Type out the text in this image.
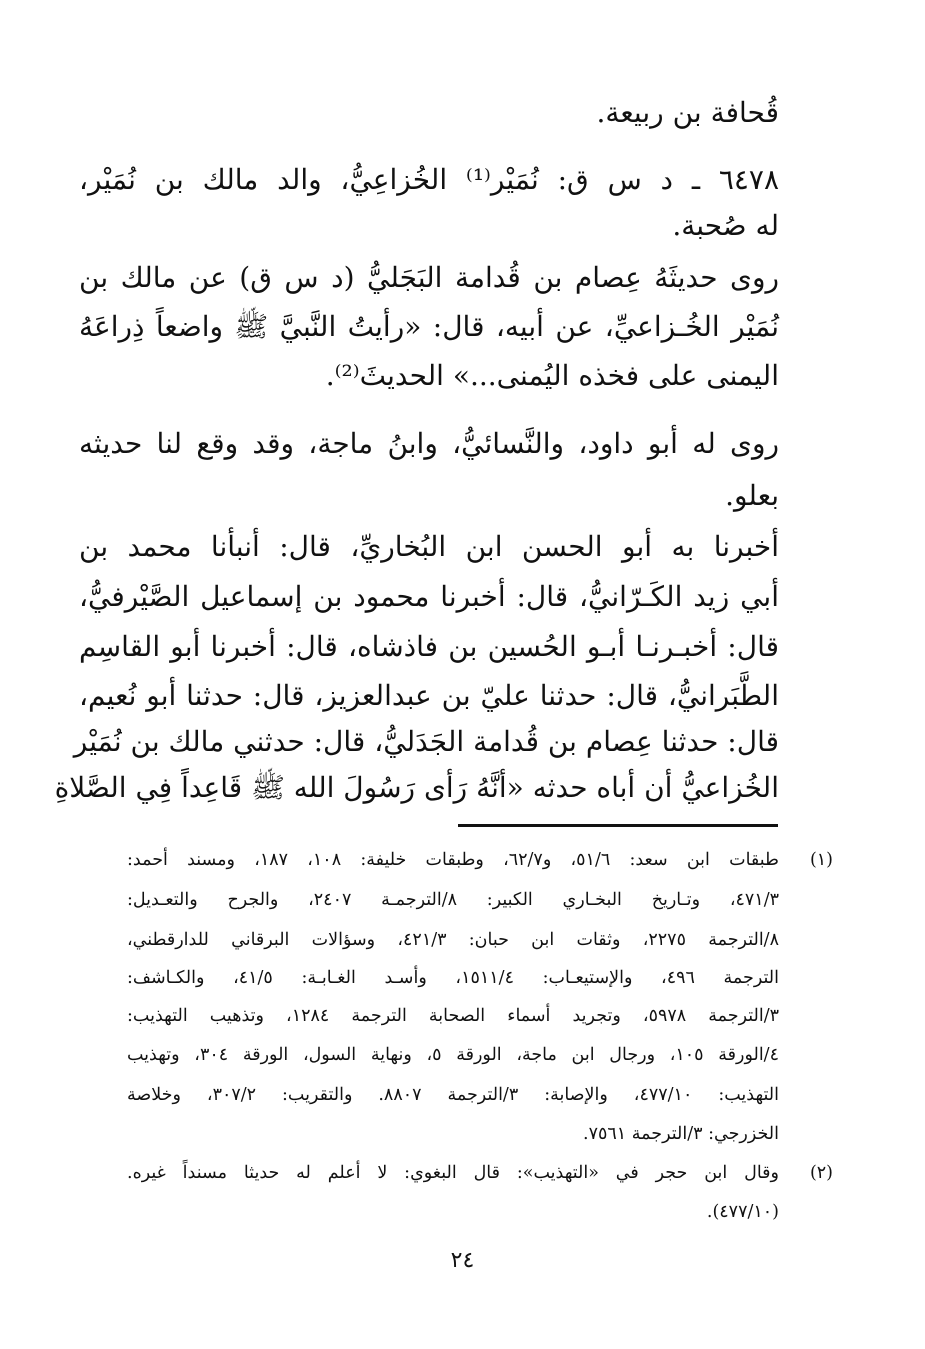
قُحافة بن ربيعة.
٦٤٧٨ ـ د س ق: نُمَيْر⁽¹⁾ الخُزاعِيُّ، والد مالك بن نُمَيْر،
له صُحبة.
روى حديثَهُ عِصام بن قُدامة البَجَليُّ (د س ق) عن مالك بن
نُمَيْر الخُـزاعيِّ، عن أبيه، قال: «رأيتُ النَّبيَّ ﷺ واضعاً ذِراعَهُ
اليمنى على فخذه اليُمنى...» الحديثَ⁽²⁾.
روى له أبو داود، والنَّسائيُّ، وابنُ ماجة، وقد وقع لنا حديثه
بعلو.
أخبرنا به أبو الحسن ابن البُخاريِّ، قال: أنبأنا محمد بن
أبي زيد الكَـرّانيُّ، قال: أخبرنا محمود بن إسماعيل الصَّيْرفيُّ،
قال: أخبـرنـا أبـو الحُسين بن فاذشاه، قال: أخبرنا أبو القاسِم
الطَّبَرانيُّ، قال: حدثنا عليّ بن عبدالعزيز، قال: حدثنا أبو نُعيم،
قال: حدثنا عِصام بن قُدامة الجَدَليُّ، قال: حدثني مالك بن نُمَيْر
الخُزاعيُّ أن أباه حدثه «أنَّهُ رَأى رَسُولَ الله ﷺ قَاعِداً فِي الصَّلاةِ
(١)
طبقات ابن سعد: ٥١/٦، و٦٢/٧، وطبقات خليفة: ١٠٨، ١٨٧، ومسند أحمد:
٤٧١/٣، وتـاريخ البخـاري الكبير: ٨/الترجمـة ٢٤٠٧، والجرح والتعـديل:
٨/الترجمة ٢٢٧٥، وثقات ابن حبان: ٤٢١/٣، وسؤالات البرقاني للدارقطني،
الترجمة ٤٩٦، والإستيعـاب: ١٥١١/٤، وأسـد الغـابـة: ٤١/٥، والكـاشف:
٣/الترجمة ٥٩٧٨، وتجريد أسماء الصحابة الترجمة ١٢٨٤، وتذهيب التهذيب:
٤/الورقة ١٠٥، ورجال ابن ماجة، الورقة ٥، ونهاية السول، الورقة ٣٠٤، وتهذيب
التهذيب: ٤٧٧/١٠، والإصابة: ٣/الترجمة ٨٨٠٧. والتقريب: ٣٠٧/٢، وخلاصة
الخزرجي: ٣/الترجمة ٧٥٦١.
(٢)
وقال ابن حجر في «التهذيب»: قال البغوي: لا أعلم له حديثا مسنداً غيره.
(٤٧٧/١٠).
٢٤
